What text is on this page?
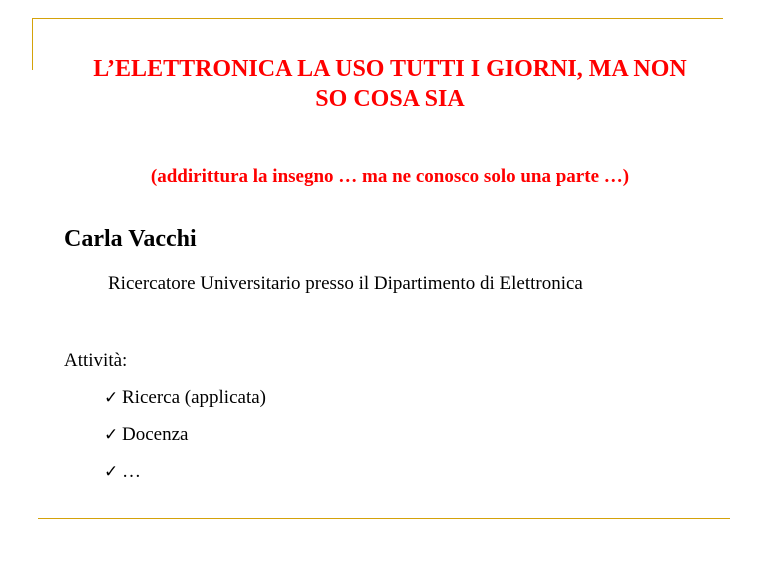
L’ELETTRONICA LA USO TUTTI I GIORNI, MA NON
SO COSA SIA

(addirittura la insegno … ma ne conosco solo una parte …)

Carla Vacchi

Ricercatore Universitario presso il Dipartimento di Elettronica

Attività:

✓ Ricerca (applicata)
✓ Docenza
✓ …
